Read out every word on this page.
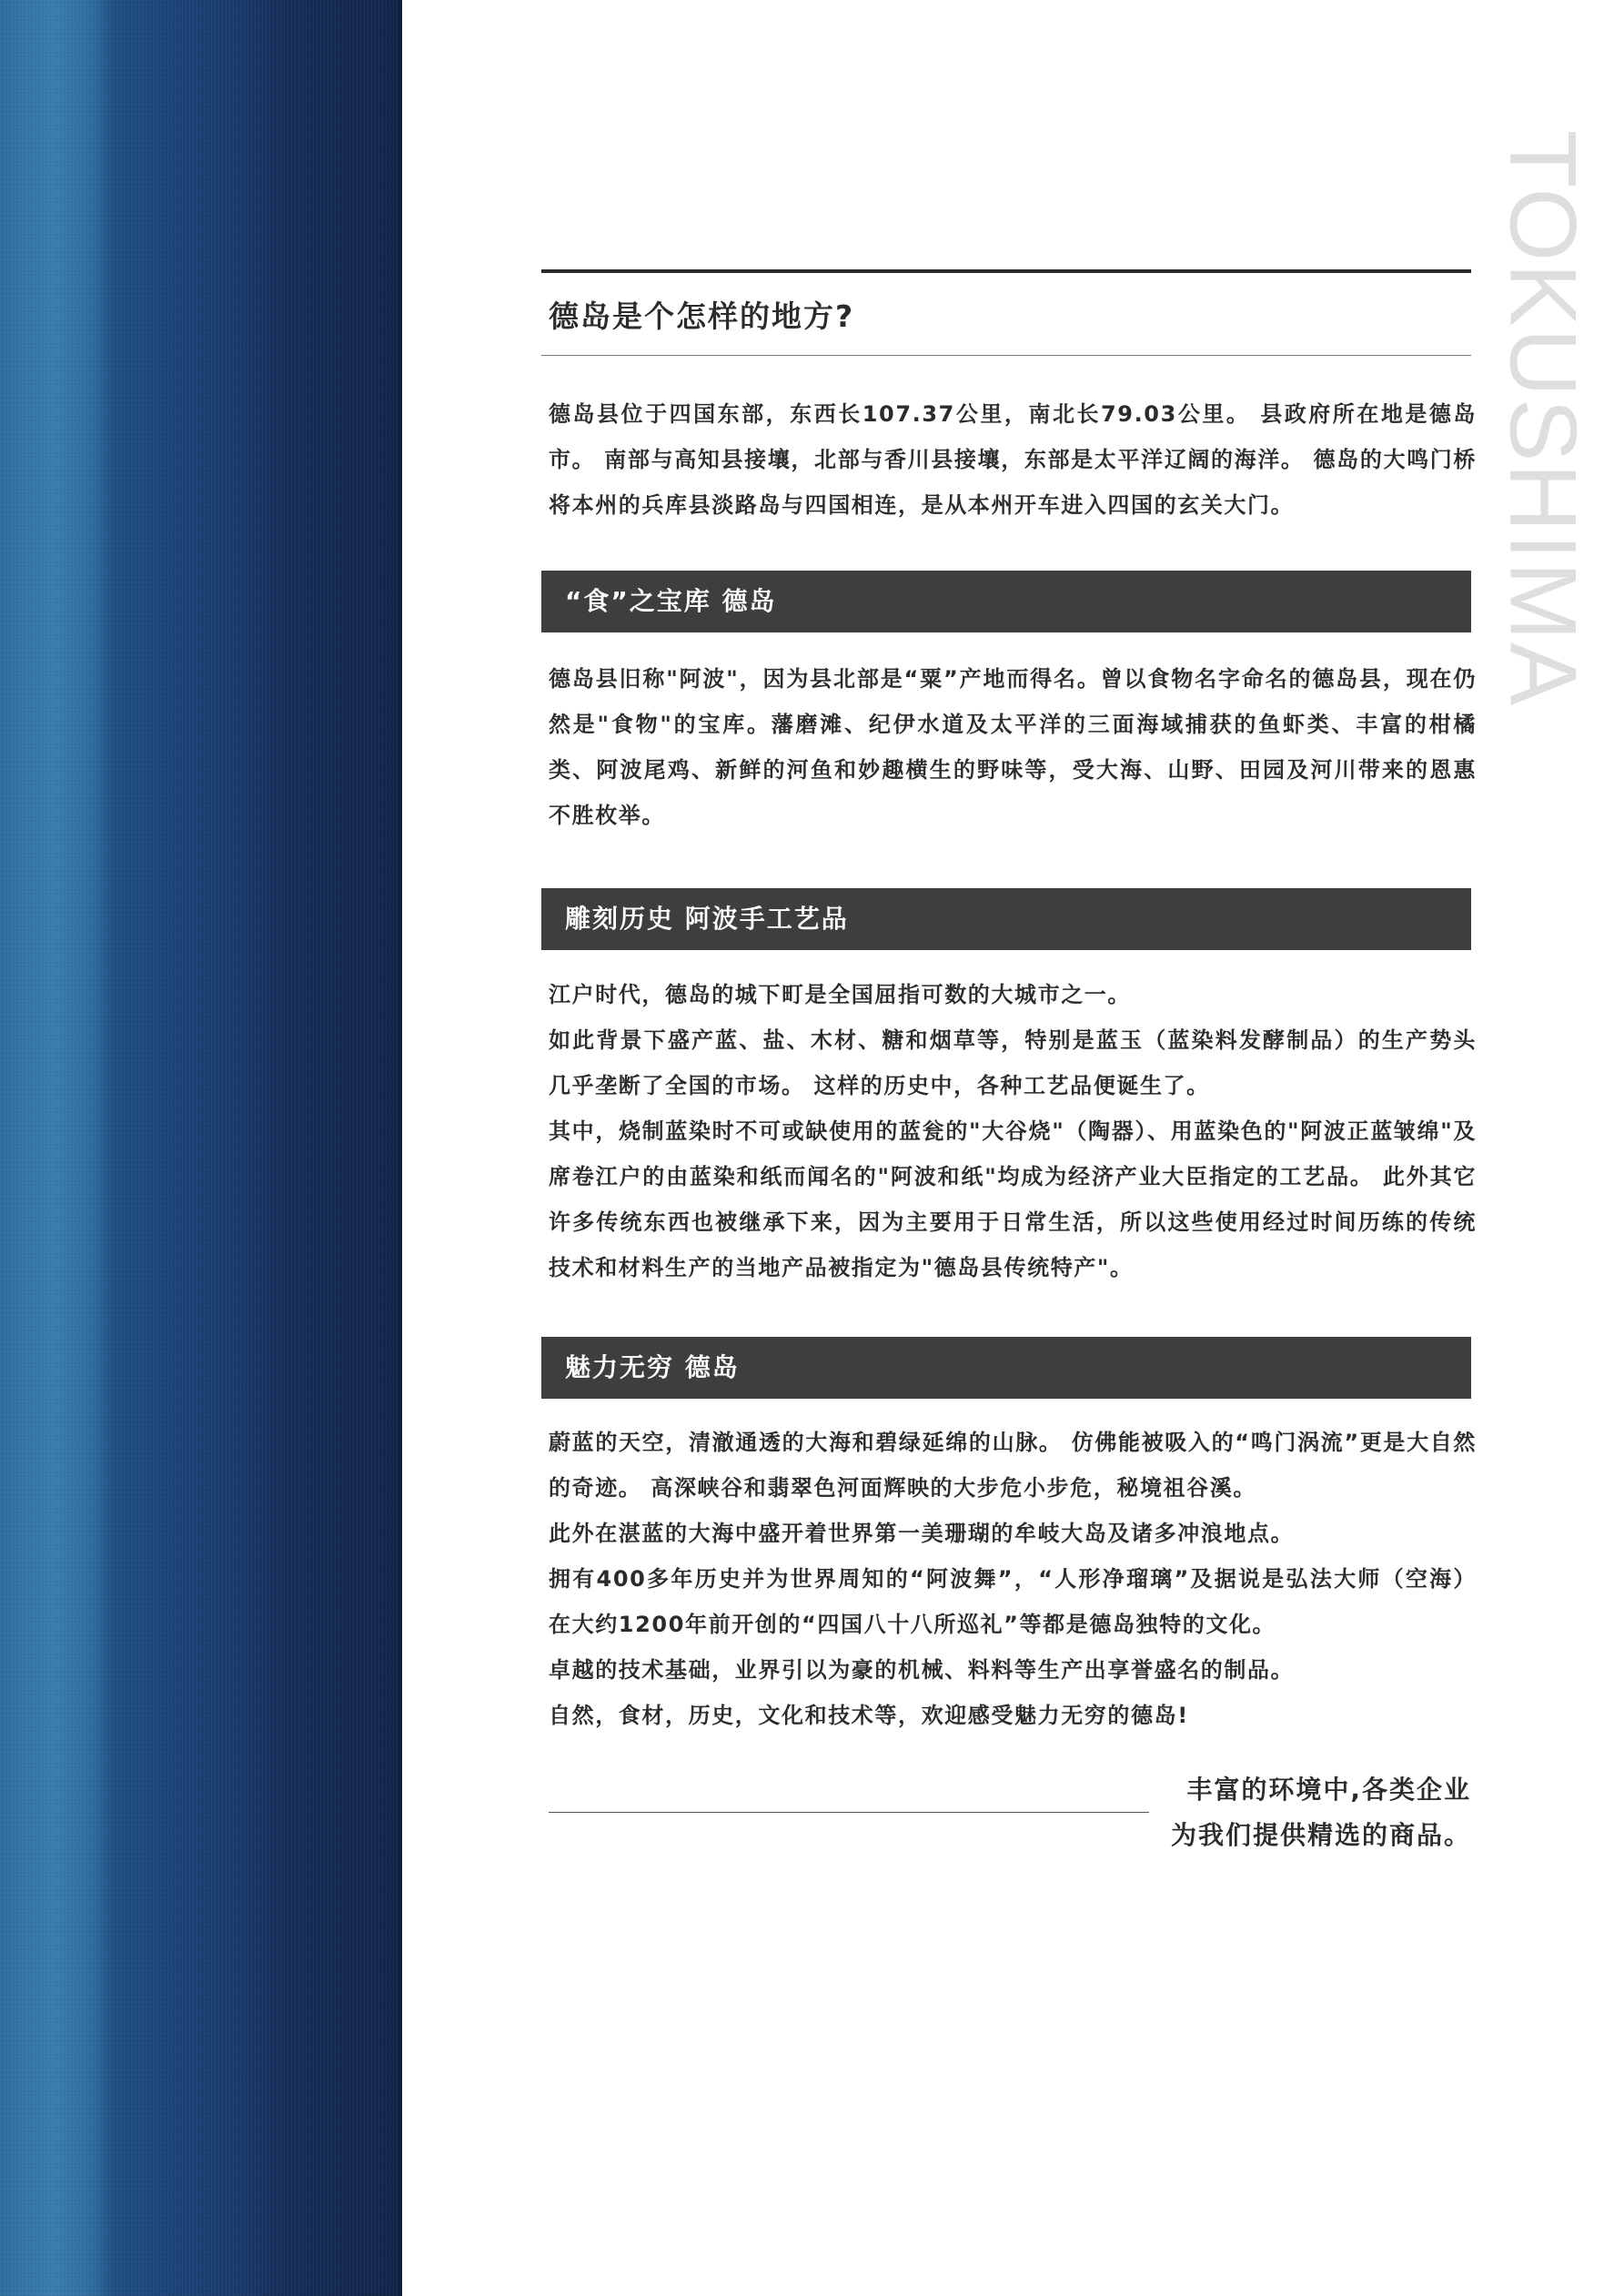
TOKUSHIMA
德岛是个怎样的地方?

德岛县位于四国东部，东西长107.37公里，南北长79.03公里。 县政府所在地是德岛市。 南部与高知县接壤，北部与香川县接壤，东部是太平洋辽阔的海洋。 德岛的大鸣门桥将本州的兵库县淡路岛与四国相连，是从本州开车进入四国的玄关大门。

“食”之宝库 德岛

德岛县旧称"阿波"，因为县北部是“粟”产地而得名。曾以食物名字命名的德岛县，现在仍然是"食物"的宝库。藩磨滩、纪伊水道及太平洋的三面海域捕获的鱼虾类、丰富的柑橘类、阿波尾鸡、新鲜的河鱼和妙趣横生的野味等，受大海、山野、田园及河川带来的恩惠不胜枚举。

雕刻历史 阿波手工艺品

江户时代，德岛的城下町是全国屈指可数的大城市之一。

如此背景下盛产蓝、盐、木材、糖和烟草等，特别是蓝玉（蓝染料发酵制品）的生产势头几乎垄断了全国的市场。 这样的历史中，各种工艺品便诞生了。

其中，烧制蓝染时不可或缺使用的蓝瓮的"大谷烧"（陶器）、用蓝染色的"阿波正蓝皱绵"及席卷江户的由蓝染和纸而闻名的"阿波和纸"均成为经济产业大臣指定的工艺品。 此外其它许多传统东西也被继承下来，因为主要用于日常生活，所以这些使用经过时间历练的传统技术和材料生产的当地产品被指定为"德岛县传统特产"。

魅力无穷 德岛

蔚蓝的天空，清澈通透的大海和碧绿延绵的山脉。 仿佛能被吸入的“鸣门涡流”更是大自然的奇迹。 高深峡谷和翡翠色河面辉映的大步危小步危，秘境祖谷溪。

此外在湛蓝的大海中盛开着世界第一美珊瑚的牟岐大岛及诸多冲浪地点。

拥有400多年历史并为世界周知的“阿波舞”，“人形净瑠璃”及据说是弘法大师（空海）在大约1200年前开创的“四国八十八所巡礼”等都是德岛独特的文化。

卓越的技术基础，业界引以为豪的机械、料料等生产出享誉盛名的制品。

自然，食材，历史，文化和技术等，欢迎感受魅力无穷的德岛!

丰富的环境中,各类企业
为我们提供精选的商品。
